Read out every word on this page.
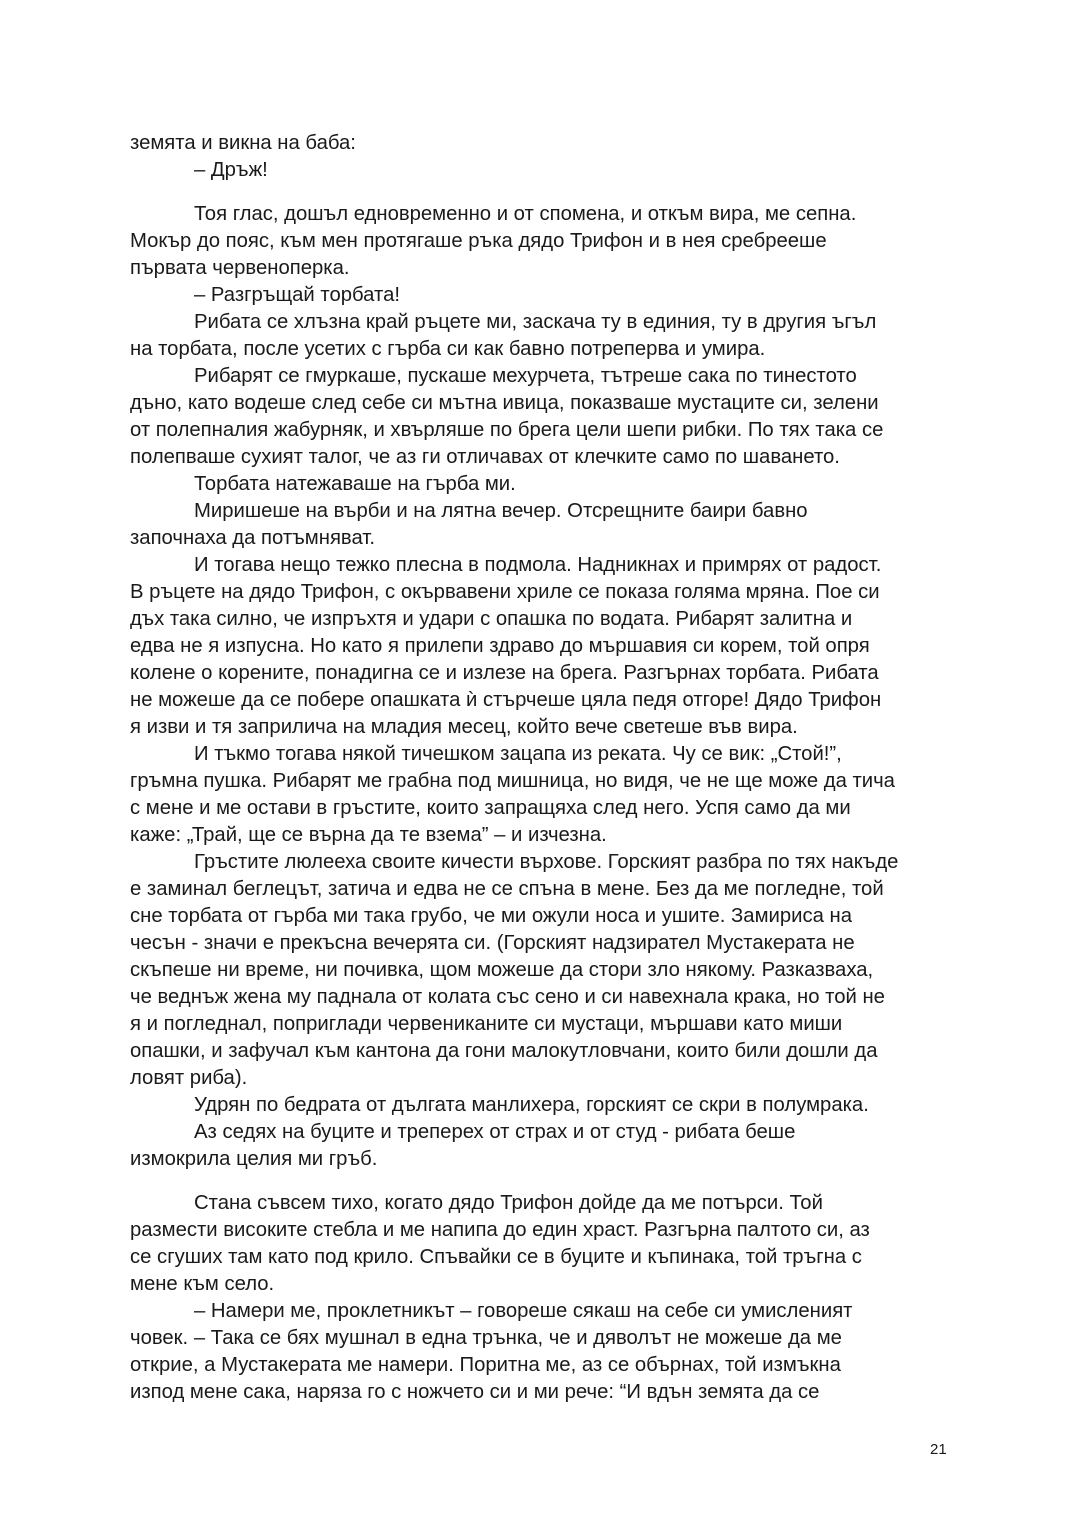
земята и викна на баба:
– Дръж!
Тоя глас, дошъл едновременно и от спомена, и откъм вира, ме сепна.
Мокър до пояс, към мен протягаше ръка дядо Трифон и в нея сребрееше
първата червеноперка.
– Разгръщай торбата!
Рибата се хлъзна край ръцете ми, заскача ту в единия, ту в другия ъгъл
на торбата, после усетих с гърба си как бавно потреперва и умира.
Рибарят се гмуркаше, пускаше мехурчета, тътреше сака по тинестото
дъно, като водеше след себе си мътна ивица, показваше мустаците си, зелени
от полепналия жабурняк, и хвърляше по брега цели шепи рибки. По тях така се
полепваше сухият талог, че аз ги отличавах от клечките само по шаването.
Торбата натежаваше на гърба ми.
Миришеше на върби и на лятна вечер. Отсрещните баири бавно
започнаха да потъмняват.
И тогава нещо тежко плесна в подмола. Надникнах и примрях от радост.
В ръцете на дядо Трифон, с окървавени хриле се показа голяма мряна. Пое си
дъх така силно, че изпръхтя и удари с опашка по водата. Рибарят залитна и
едва не я изпусна. Но като я прилепи здраво до мършавия си корем, той опря
колене о корените, понадигна се и излезе на брега. Разгърнах торбата. Рибата
не можеше да се побере опашката ѝ стърчеше цяла педя отгоре! Дядо Трифон
я изви и тя заприлича на младия месец, който вече светеше във вира.
И тъкмо тогава някой тичешком зацапа из реката. Чу се вик: „Стой!”,
гръмна пушка. Рибарят ме грабна под мишница, но видя, че не ще може да тича
с мене и ме остави в гръстите, които запращяха след него. Успя само да ми
каже: „Трай, ще се върна да те взема” – и изчезна.
Гръстите люлееха своите кичести върхове. Горският разбра по тях накъде
е заминал беглецът, затича и едва не се спъна в мене. Без да ме погледне, той
сне торбата от гърба ми така грубо, че ми ожули носа и ушите. Замириса на
чесън - значи е прекъсна вечерята си. (Горският надзирател Мустакерата не
скъпеше ни време, ни почивка, щом можеше да стори зло някому. Разказваха,
че веднъж жена му паднала от колата със сено и си навехнала крака, но той не
я и погледнал, поприглади червениканите си мустаци, мършави като миши
опашки, и зафучал към кантона да гони малокутловчани, които били дошли да
ловят риба).
Удрян по бедрата от дългата манлихера, горският се скри в полумрака.
Аз седях на буците и треперех от страх и от студ - рибата беше
измокрила целия ми гръб.
Стана съвсем тихо, когато дядо Трифон дойде да ме потърси. Той
размести високите стебла и ме напипа до един храст. Разгърна палтото си, аз
се сгуших там като под крило. Спъвайки се в буците и къпинака, той тръгна с
мене към село.
– Намери ме, проклетникът – говореше сякаш на себе си умисленият
човек. – Така се бях мушнал в една трънка, че и дяволът не можеше да ме
открие, а Мустакерата ме намери. Поритна ме, аз се обърнах, той измъкна
изпод мене сака, наряза го с ножчето си и ми рече: “И вдън земята да се
21
